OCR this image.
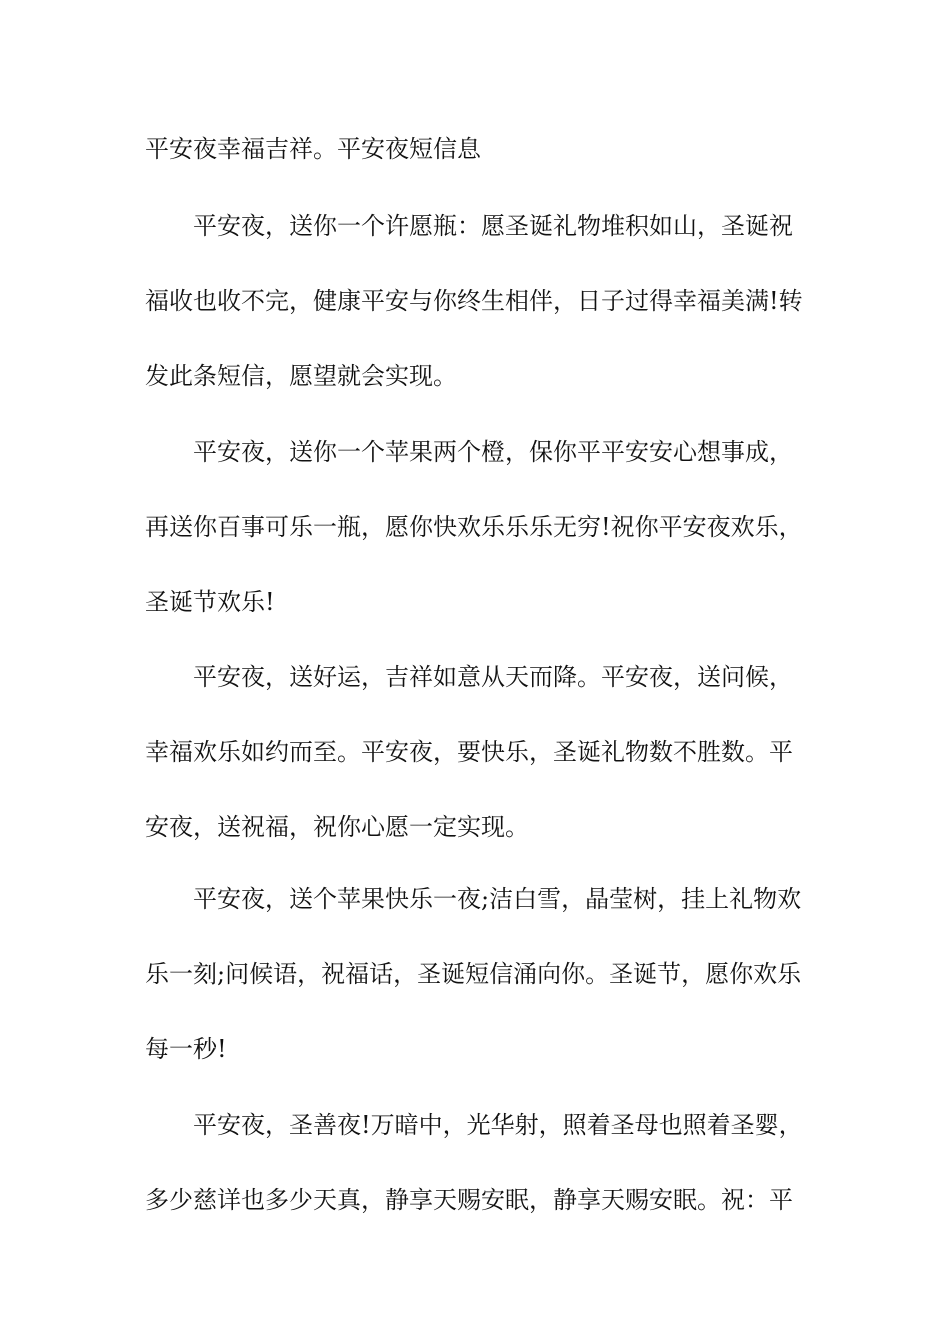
平安夜幸福吉祥。平安夜短信息
平安夜，送你一个许愿瓶：愿圣诞礼物堆积如山，圣诞祝
福收也收不完，健康平安与你终生相伴，日子过得幸福美满!转
发此条短信，愿望就会实现。
平安夜，送你一个苹果两个橙，保你平平安安心想事成，
再送你百事可乐一瓶，愿你快欢乐乐乐无穷!祝你平安夜欢乐，
圣诞节欢乐!
平安夜，送好运，吉祥如意从天而降。平安夜，送问候，
幸福欢乐如约而至。平安夜，要快乐，圣诞礼物数不胜数。平
安夜，送祝福，祝你心愿一定实现。
平安夜，送个苹果快乐一夜;洁白雪，晶莹树，挂上礼物欢
乐一刻;问候语，祝福话，圣诞短信涌向你。圣诞节，愿你欢乐
每一秒!
平安夜，圣善夜!万暗中，光华射，照着圣母也照着圣婴，
多少慈详也多少天真，静享天赐安眠，静享天赐安眠。祝：平
